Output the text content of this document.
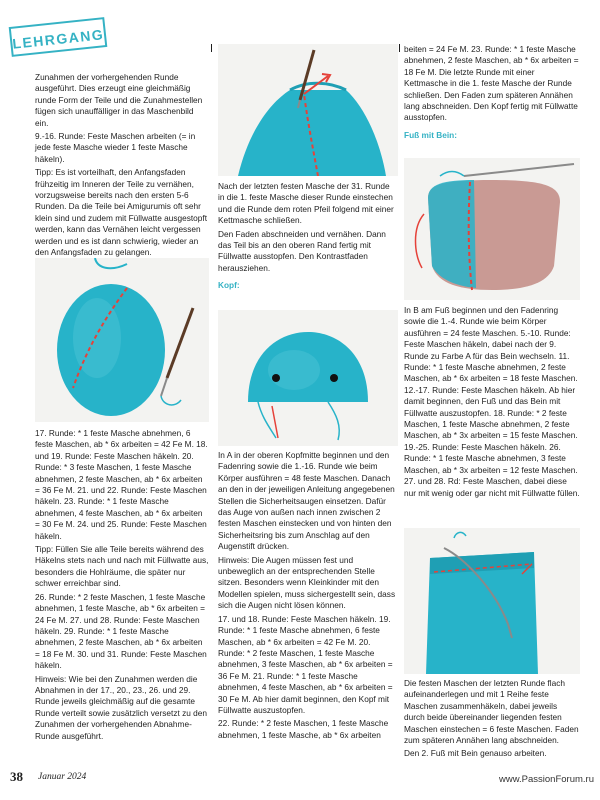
LEHRGANG

Zunahmen der vorhergehenden Runde ausgeführt. Dies erzeugt eine gleichmäßig runde Form der Teile und die Zunahmestellen fügen sich unauffälliger in das Maschenbild ein.

9.-16. Runde: Feste Maschen arbeiten (= in jede feste Masche wieder 1 feste Masche häkeln).

Tipp: Es ist vorteilhaft, den Anfangsfaden frühzeitig im Inneren der Teile zu vernähen, vorzugsweise bereits nach den ersten 5-6 Runden. Da die Teile bei Amigurumis oft sehr klein sind und zudem mit Füllwatte ausgestopft werden, kann das Vernähen leicht vergessen werden und es ist dann schwierig, wieder an den Anfangsfaden zu gelangen.

17. Runde: * 1 feste Masche abnehmen, 6 feste Maschen, ab * 6x arbeiten = 42 Fe M. 18. und 19. Runde: Feste Maschen häkeln. 20. Runde: * 3 feste Maschen, 1 feste Masche abnehmen, 2 feste Maschen, ab * 6x arbeiten = 36 Fe M. 21. und 22. Runde: Feste Maschen häkeln. 23. Runde: * 1 feste Masche abnehmen, 4 feste Maschen, ab * 6x arbeiten = 30 Fe M. 24. und 25. Runde: Feste Maschen häkeln.

Tipp: Füllen Sie alle Teile bereits während des Häkelns stets nach und nach mit Füllwatte aus, besonders die Hohlräume, die später nur schwer erreichbar sind.

26. Runde: * 2 feste Maschen, 1 feste Masche abnehmen, 1 feste Masche, ab * 6x arbeiten = 24 Fe M. 27. und 28. Runde: Feste Maschen häkeln. 29. Runde: * 1 feste Masche abnehmen, 2 feste Maschen, ab * 6x arbeiten = 18 Fe M. 30. und 31. Runde: Feste Maschen häkeln.

Hinweis: Wie bei den Zunahmen werden die Abnahmen in der 17., 20., 23., 26. und 29. Runde jeweils gleichmäßig auf die gesamte Runde verteilt sowie zusätzlich versetzt zu den Zunahmen der vorhergehenden Abnahme-Runde ausgeführt.

Nach der letzten festen Masche der 31. Runde in die 1. feste Masche dieser Runde einstechen und die Runde dem roten Pfeil folgend mit einer Kettmasche schließen.

Den Faden abschneiden und vernähen. Dann das Teil bis an den oberen Rand fertig mit Füllwatte ausstopfen. Den Kontrastfaden herausziehen.

Kopf:

In A in der oberen Kopfmitte beginnen und den Fadenring sowie die 1.-16. Runde wie beim Körper ausführen = 48 feste Maschen. Danach an den in der jeweiligen Anleitung angegebenen Stellen die Sicherheitsaugen einsetzen. Dafür das Auge von außen nach innen zwischen 2 festen Maschen einstecken und von hinten den Sicherheitsring bis zum Anschlag auf den Augenstift drücken.

Hinweis: Die Augen müssen fest und unbeweglich an der entsprechenden Stelle sitzen. Besonders wenn Kleinkinder mit den Modellen spielen, muss sichergestellt sein, dass sich die Augen nicht lösen können.

17. und 18. Runde: Feste Maschen häkeln. 19. Runde: * 1 feste Masche abnehmen, 6 feste Maschen, ab * 6x arbeiten = 42 Fe M. 20. Runde: * 2 feste Maschen, 1 feste Masche abnehmen, 3 feste Maschen, ab * 6x arbeiten = 36 Fe M. 21. Runde: * 1 feste Masche abnehmen, 4 feste Maschen, ab * 6x arbeiten = 30 Fe M. Ab hier damit beginnen, den Kopf mit Füllwatte auszustopfen.

22. Runde: * 2 feste Maschen, 1 feste Masche abnehmen, 1 feste Masche, ab * 6x arbeiten

beiten = 24 Fe M. 23. Runde: * 1 feste Masche abnehmen, 2 feste Maschen, ab * 6x arbeiten = 18 Fe M. Die letzte Runde mit einer Kettmasche in die 1. feste Masche der Runde schließen. Den Faden zum späteren Annähen lang abschneiden. Den Kopf fertig mit Füllwatte ausstopfen.

Fuß mit Bein:

In B am Fuß beginnen und den Fadenring sowie die 1.-4. Runde wie beim Körper ausführen = 24 feste Maschen. 5.-10. Runde: Feste Maschen häkeln, dabei nach der 9. Runde zu Farbe A für das Bein wechseln. 11. Runde: * 1 feste Masche abnehmen, 2 feste Maschen, ab * 6x arbeiten = 18 feste Maschen. 12.-17. Runde: Feste Maschen häkeln. Ab hier damit beginnen, den Fuß und das Bein mit Füllwatte auszustopfen. 18. Runde: * 2 feste Maschen, 1 feste Masche abnehmen, 2 feste Maschen, ab * 3x arbeiten = 15 feste Maschen. 19.-25. Runde: Feste Maschen häkeln. 26. Runde: * 1 feste Masche abnehmen, 3 feste Maschen, ab * 3x arbeiten = 12 feste Maschen. 27. und 28. Rd: Feste Maschen, dabei diese nur mit wenig oder gar nicht mit Füllwatte füllen.

Die festen Maschen der letzten Runde flach aufeinanderlegen und mit 1 Reihe feste Maschen zusammenhäkeln, dabei jeweils durch beide übereinander liegenden festen Maschen einstechen = 6 feste Maschen. Faden zum späteren Annähen lang abschneiden.

Den 2. Fuß mit Bein genauso arbeiten.

38 Januar 2024	www.PassionForum.ru
